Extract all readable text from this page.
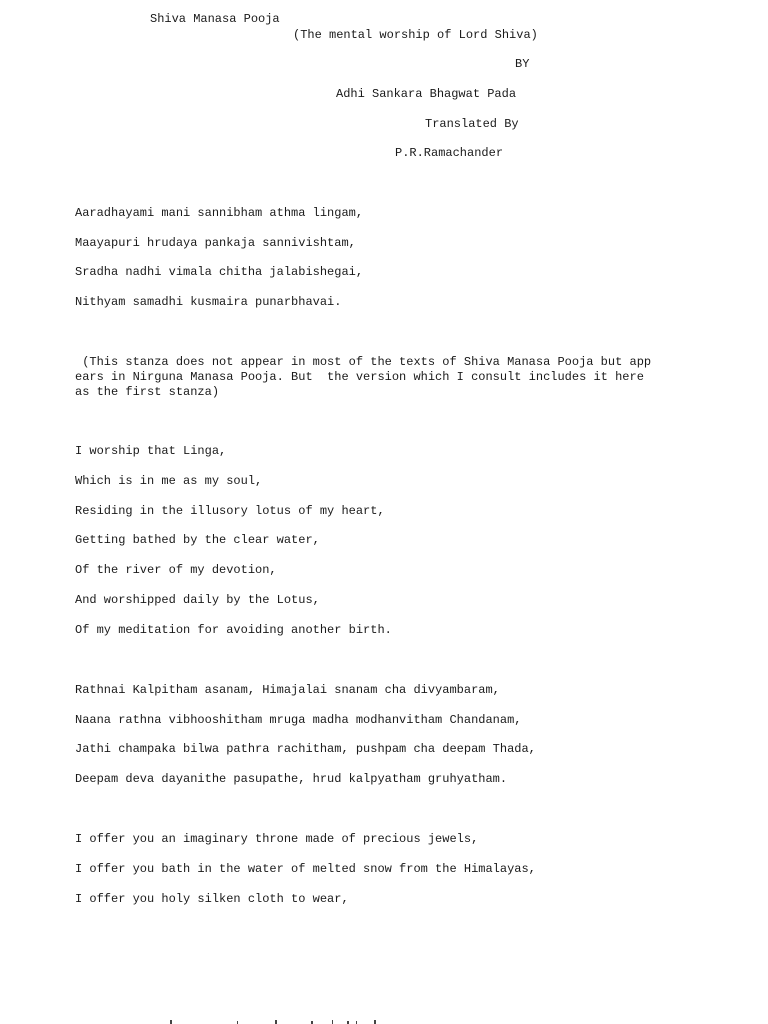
Shiva Manasa Pooja
(The mental worship of Lord Shiva)
BY
Adhi Sankara Bhagwat Pada
Translated By
P.R.Ramachander
Aaradhayami mani sannibham athma lingam,
Maayapuri hrudaya pankaja sannivishtam,
Sradha nadhi vimala chitha jalabishegai,
Nithyam samadhi kusmaira punarbhavai.
(This stanza does not appear in most of the texts of Shiva Manasa Pooja but app
ears in Nirguna Manasa Pooja. But  the version which I consult includes it here
as the first stanza)
I worship that Linga,
Which is in me as my soul,
Residing in the illusory lotus of my heart,
Getting bathed by the clear water,
Of the river of my devotion,
And worshipped daily by the Lotus,
Of my meditation for avoiding another birth.
Rathnai Kalpitham asanam, Himajalai snanam cha divyambaram,
Naana rathna vibhooshitham mruga madha modhanvitham Chandanam,
Jathi champaka bilwa pathra rachitham, pushpam cha deepam Thada,
Deepam deva dayanithe pasupathe, hrud kalpyatham gruhyatham.
I offer you an imaginary throne made of precious jewels,
I offer you bath in the water of melted snow from the Himalayas,
I offer you holy silken cloth to wear,
